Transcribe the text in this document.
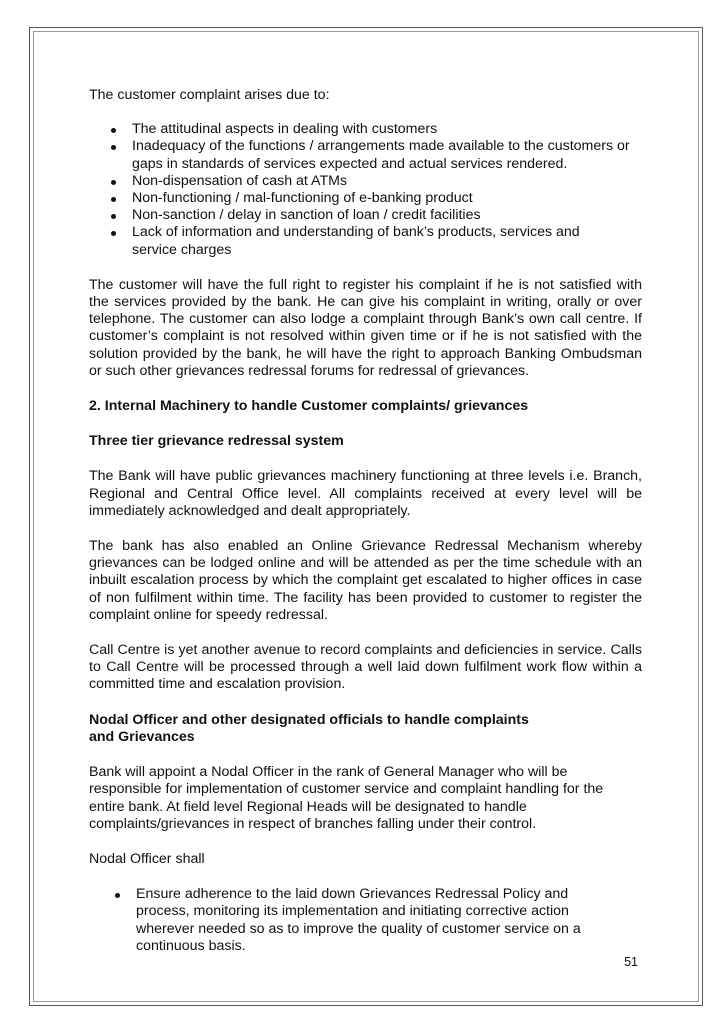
The customer complaint arises due to:

The attitudinal aspects in dealing with customers
Inadequacy of the functions / arrangements made available to the customers or gaps in standards of services expected and actual services rendered.
Non-dispensation of cash at ATMs
Non-functioning / mal-functioning of e-banking product
Non-sanction / delay in sanction of loan / credit facilities
Lack of information and understanding of bank’s products, services and service charges

The customer will have the full right to register his complaint if he is not satisfied with the services provided by the bank. He can give his complaint in writing, orally or over telephone. The customer can also lodge a complaint through Bank’s own call centre. If customer’s complaint is not resolved within given time or if he is not satisfied with the solution provided by the bank, he will have the right to approach Banking Ombudsman or such other grievances redressal forums for redressal of grievances.

2. Internal Machinery to handle Customer complaints/ grievances

Three tier grievance redressal system

The Bank will have public grievances machinery functioning at three levels i.e. Branch, Regional and Central Office level. All complaints received at every level will be immediately acknowledged and dealt appropriately.

The bank has also enabled an Online Grievance Redressal Mechanism whereby grievances can be lodged online and will be attended as per the time schedule with an inbuilt escalation process by which the complaint get escalated to higher offices in case of non fulfilment within time. The facility has been provided to customer to register the complaint online for speedy redressal.

Call Centre is yet another avenue to record complaints and deficiencies in service. Calls to Call Centre will be processed through a well laid down fulfilment work flow within a committed time and escalation provision.

Nodal Officer and other designated officials to handle complaints
and Grievances

Bank will appoint a Nodal Officer in the rank of General Manager who will be responsible for implementation of customer service and complaint handling for the entire bank. At field level Regional Heads will be designated to handle complaints/grievances in respect of branches falling under their control.

Nodal Officer shall

Ensure adherence to the laid down Grievances Redressal Policy and process, monitoring its implementation and initiating corrective action wherever needed so as to improve the quality of customer service on a continuous basis.
51
